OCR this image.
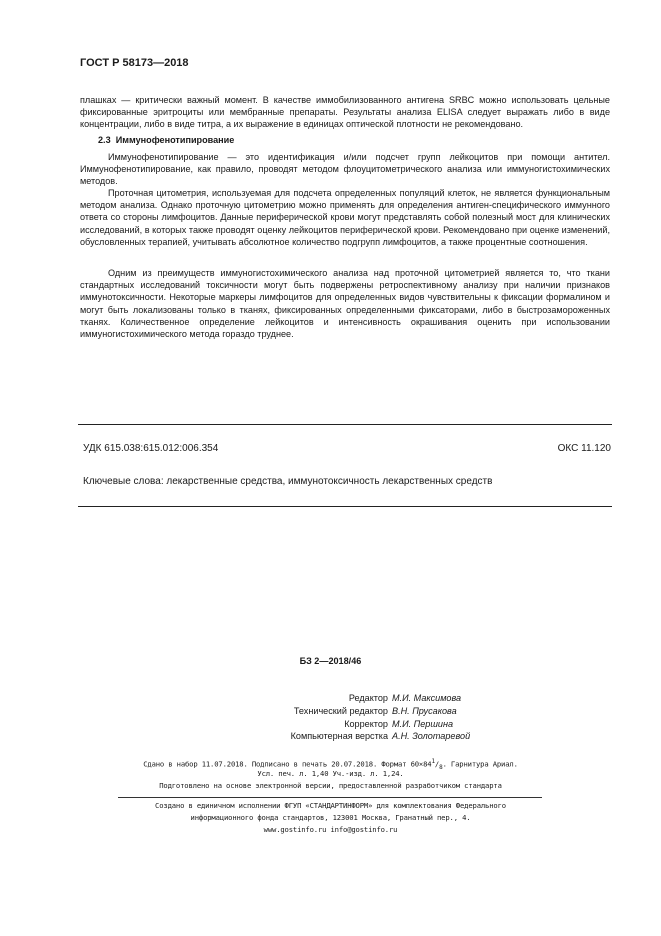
ГОСТ Р 58173—2018
плашках — критически важный момент. В качестве иммобилизованного антигена SRBC можно использовать цельные фиксированные эритроциты или мембранные препараты. Результаты анализа ELISA следует выражать либо в виде концентрации, либо в виде титра, а их выражение в единицах оптической плотности не рекомендовано.
2.3 Иммунофенотипирование
Иммунофенотипирование — это идентификация и/или подсчет групп лейкоцитов при помощи антител. Иммунофенотипирование, как правило, проводят методом флоуцитометрического анализа или иммуногистохимических методов.
Проточная цитометрия, используемая для подсчета определенных популяций клеток, не является функциональным методом анализа. Однако проточную цитометрию можно применять для определения антиген-специфического иммунного ответа со стороны лимфоцитов. Данные периферической крови могут представлять собой полезный мост для клинических исследований, в которых также проводят оценку лейкоцитов периферической крови. Рекомендовано при оценке изменений, обусловленных терапией, учитывать абсолютное количество подгрупп лимфоцитов, а также процентные соотношения.
Одним из преимуществ иммуногистохимического анализа над проточной цитометрией является то, что ткани стандартных исследований токсичности могут быть подвержены ретроспективному анализу при наличии признаков иммунотоксичности. Некоторые маркеры лимфоцитов для определенных видов чувствительны к фиксации формалином и могут быть локализованы только в тканях, фиксированных определенными фиксаторами, либо в быстрозамороженных тканях. Количественное определение лейкоцитов и интенсивность окрашивания оценить при использовании иммуногистохимического метода гораздо труднее.
УДК 615.038:615.012:006.354	ОКС 11.120
Ключевые слова: лекарственные средства, иммунотоксичность лекарственных средств
БЗ 2—2018/46
Редактор М.И. Максимова
Технический редактор В.Н. Прусакова
Корректор М.И. Першина
Компьютерная верстка А.Н. Золотаревой
Сдано в набор 11.07.2018. Подписано в печать 20.07.2018. Формат $60\times 84^1/_8$. Гарнитура Ариал.
Усл. печ. л. 1,40 Уч.-изд. л. 1,24.
Подготовлено на основе электронной версии, предоставленной разработчиком стандарта
Создано в единичном исполнении ФГУП «СТАНДАРТИНФОРМ» для комплектования Федерального
информационного фонда стандартов, 123001 Москва, Гранатный пер., 4.
www.gostinfo.ru info@gostinfo.ru
